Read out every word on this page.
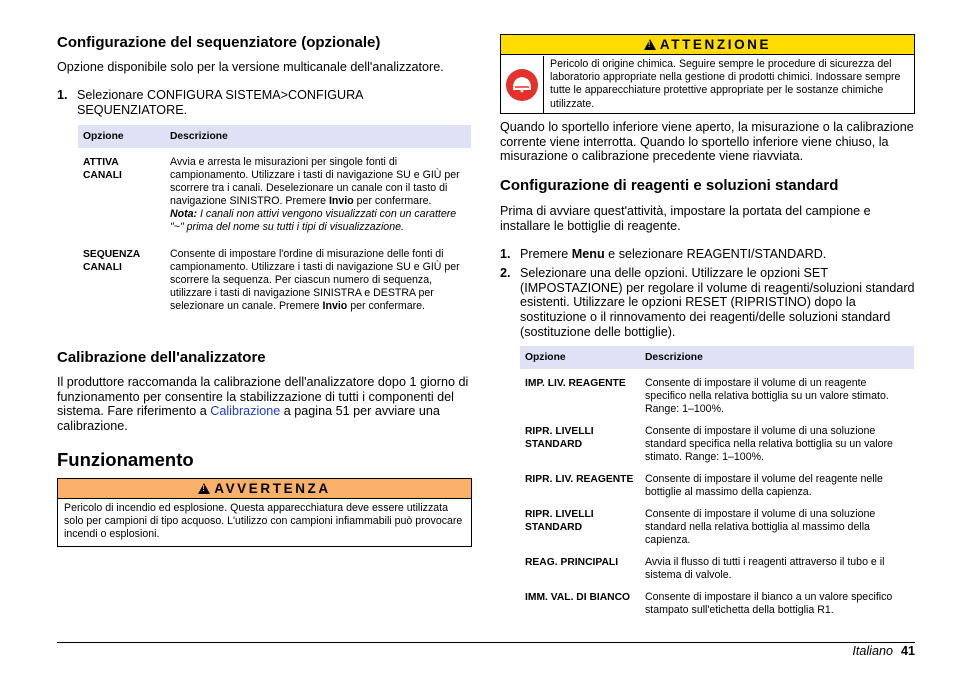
Configurazione del sequenziatore (opzionale)

Opzione disponibile solo per la versione multicanale dell'analizzatore.

1. Selezionare CONFIGURA SISTEMA>CONFIGURA SEQUENZIATORE.
Opzione	Descrizione
ATTIVA CANALI	Avvia e arresta le misurazioni per singole fonti di campionamento. Utilizzare i tasti di navigazione SU e GIÙ per scorrere tra i canali. Deselezionare un canale con il tasto di navigazione SINISTRO. Premere Invio per confermare.
Nota: I canali non attivi vengono visualizzati con un carattere "~" prima del nome su tutti i tipi di visualizzazione.
SEQUENZA CANALI	Consente di impostare l'ordine di misurazione delle fonti di campionamento. Utilizzare i tasti di navigazione SU e GIÙ per scorrere la sequenza. Per ciascun numero di sequenza, utilizzare i tasti di navigazione SINISTRA e DESTRA per selezionare un canale. Premere Invio per confermare.
Calibrazione dell'analizzatore

Il produttore raccomanda la calibrazione dell'analizzatore dopo 1 giorno di funzionamento per consentire la stabilizzazione di tutti i componenti del sistema. Fare riferimento a Calibrazione a pagina 51 per avviare una calibrazione.

Funzionamento
!AVVERTENZA
Pericolo di incendio ed esplosione. Questa apparecchiatura deve essere utilizzata solo per campioni di tipo acquoso. L'utilizzo con campioni infiammabili può provocare incendi o esplosioni.
!ATTENZIONE
Pericolo di origine chimica. Seguire sempre le procedure di sicurezza del laboratorio appropriate nella gestione di prodotti chimici. Indossare sempre tutte le apparecchiature protettive appropriate per le sostanze chimiche utilizzate.

Quando lo sportello inferiore viene aperto, la misurazione o la calibrazione corrente viene interrotta. Quando lo sportello inferiore viene chiuso, la misurazione o calibrazione precedente viene riavviata.

Configurazione di reagenti e soluzioni standard

Prima di avviare quest'attività, impostare la portata del campione e installare le bottiglie di reagente.

1. Premere Menu e selezionare REAGENTI/STANDARD.
2. Selezionare una delle opzioni. Utilizzare le opzioni SET (IMPOSTAZIONE) per regolare il volume di reagenti/soluzioni standard esistenti. Utilizzare le opzioni RESET (RIPRISTINO) dopo la sostituzione o il rinnovamento dei reagenti/delle soluzioni standard (sostituzione delle bottiglie).
Opzione	Descrizione
IMP. LIV. REAGENTE	Consente di impostare il volume di un reagente specifico nella relativa bottiglia su un valore stimato. Range: 1–100%.
RIPR. LIVELLI STANDARD	Consente di impostare il volume di una soluzione standard specifica nella relativa bottiglia su un valore stimato. Range: 1–100%.
RIPR. LIV. REAGENTE	Consente di impostare il volume del reagente nelle bottiglie al massimo della capienza.
RIPR. LIVELLI STANDARD	Consente di impostare il volume di una soluzione standard nella relativa bottiglia al massimo della capienza.
REAG. PRINCIPALI	Avvia il flusso di tutti i reagenti attraverso il tubo e il sistema di valvole.
IMM. VAL. DI BIANCO	Consente di impostare il bianco a un valore specifico stampato sull'etichetta della bottiglia R1.
Italiano 41
